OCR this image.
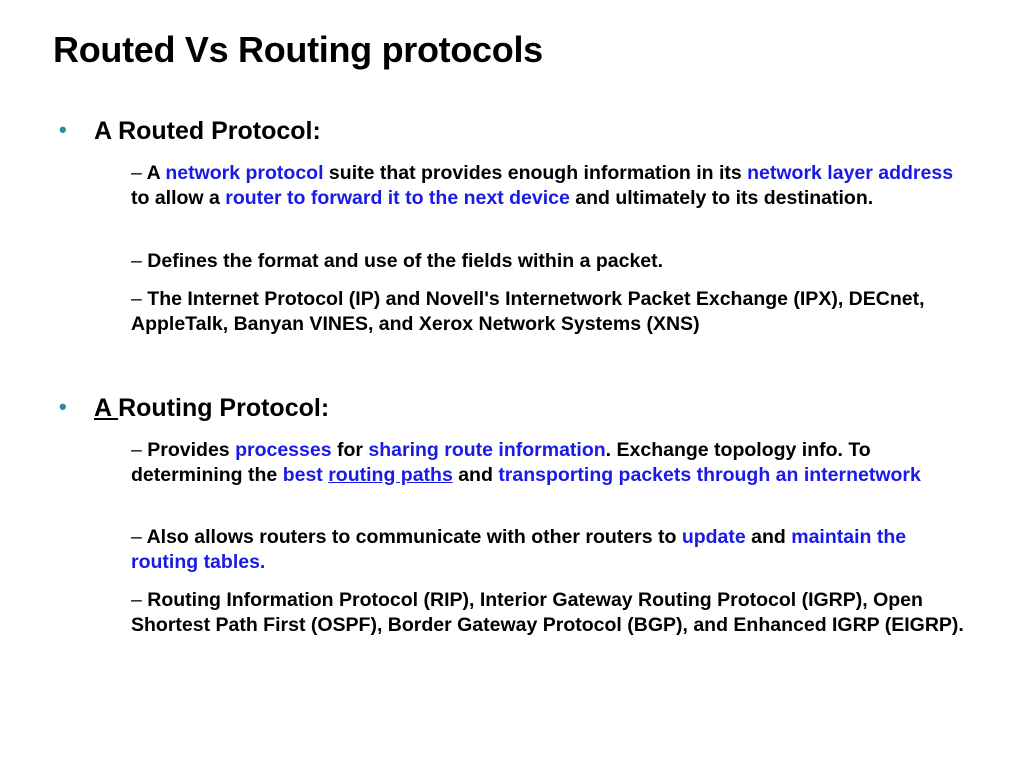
Routed Vs Routing protocols
• A Routed Protocol:
– A network protocol suite that provides enough information in its network layer address to allow a router to forward it to the next device and ultimately to its destination.
– Defines the format and use of the fields within a packet.
– The Internet Protocol (IP) and Novell's Internetwork Packet Exchange (IPX), DECnet, AppleTalk, Banyan VINES, and Xerox Network Systems (XNS)
• A Routing Protocol:
– Provides processes for sharing route information. Exchange topology info. To determining the best routing paths and transporting packets through an internetwork
– Also allows routers to communicate with other routers to update and maintain the routing tables.
– Routing Information Protocol (RIP), Interior Gateway Routing Protocol (IGRP), Open Shortest Path First (OSPF), Border Gateway Protocol (BGP), and Enhanced IGRP (EIGRP).
